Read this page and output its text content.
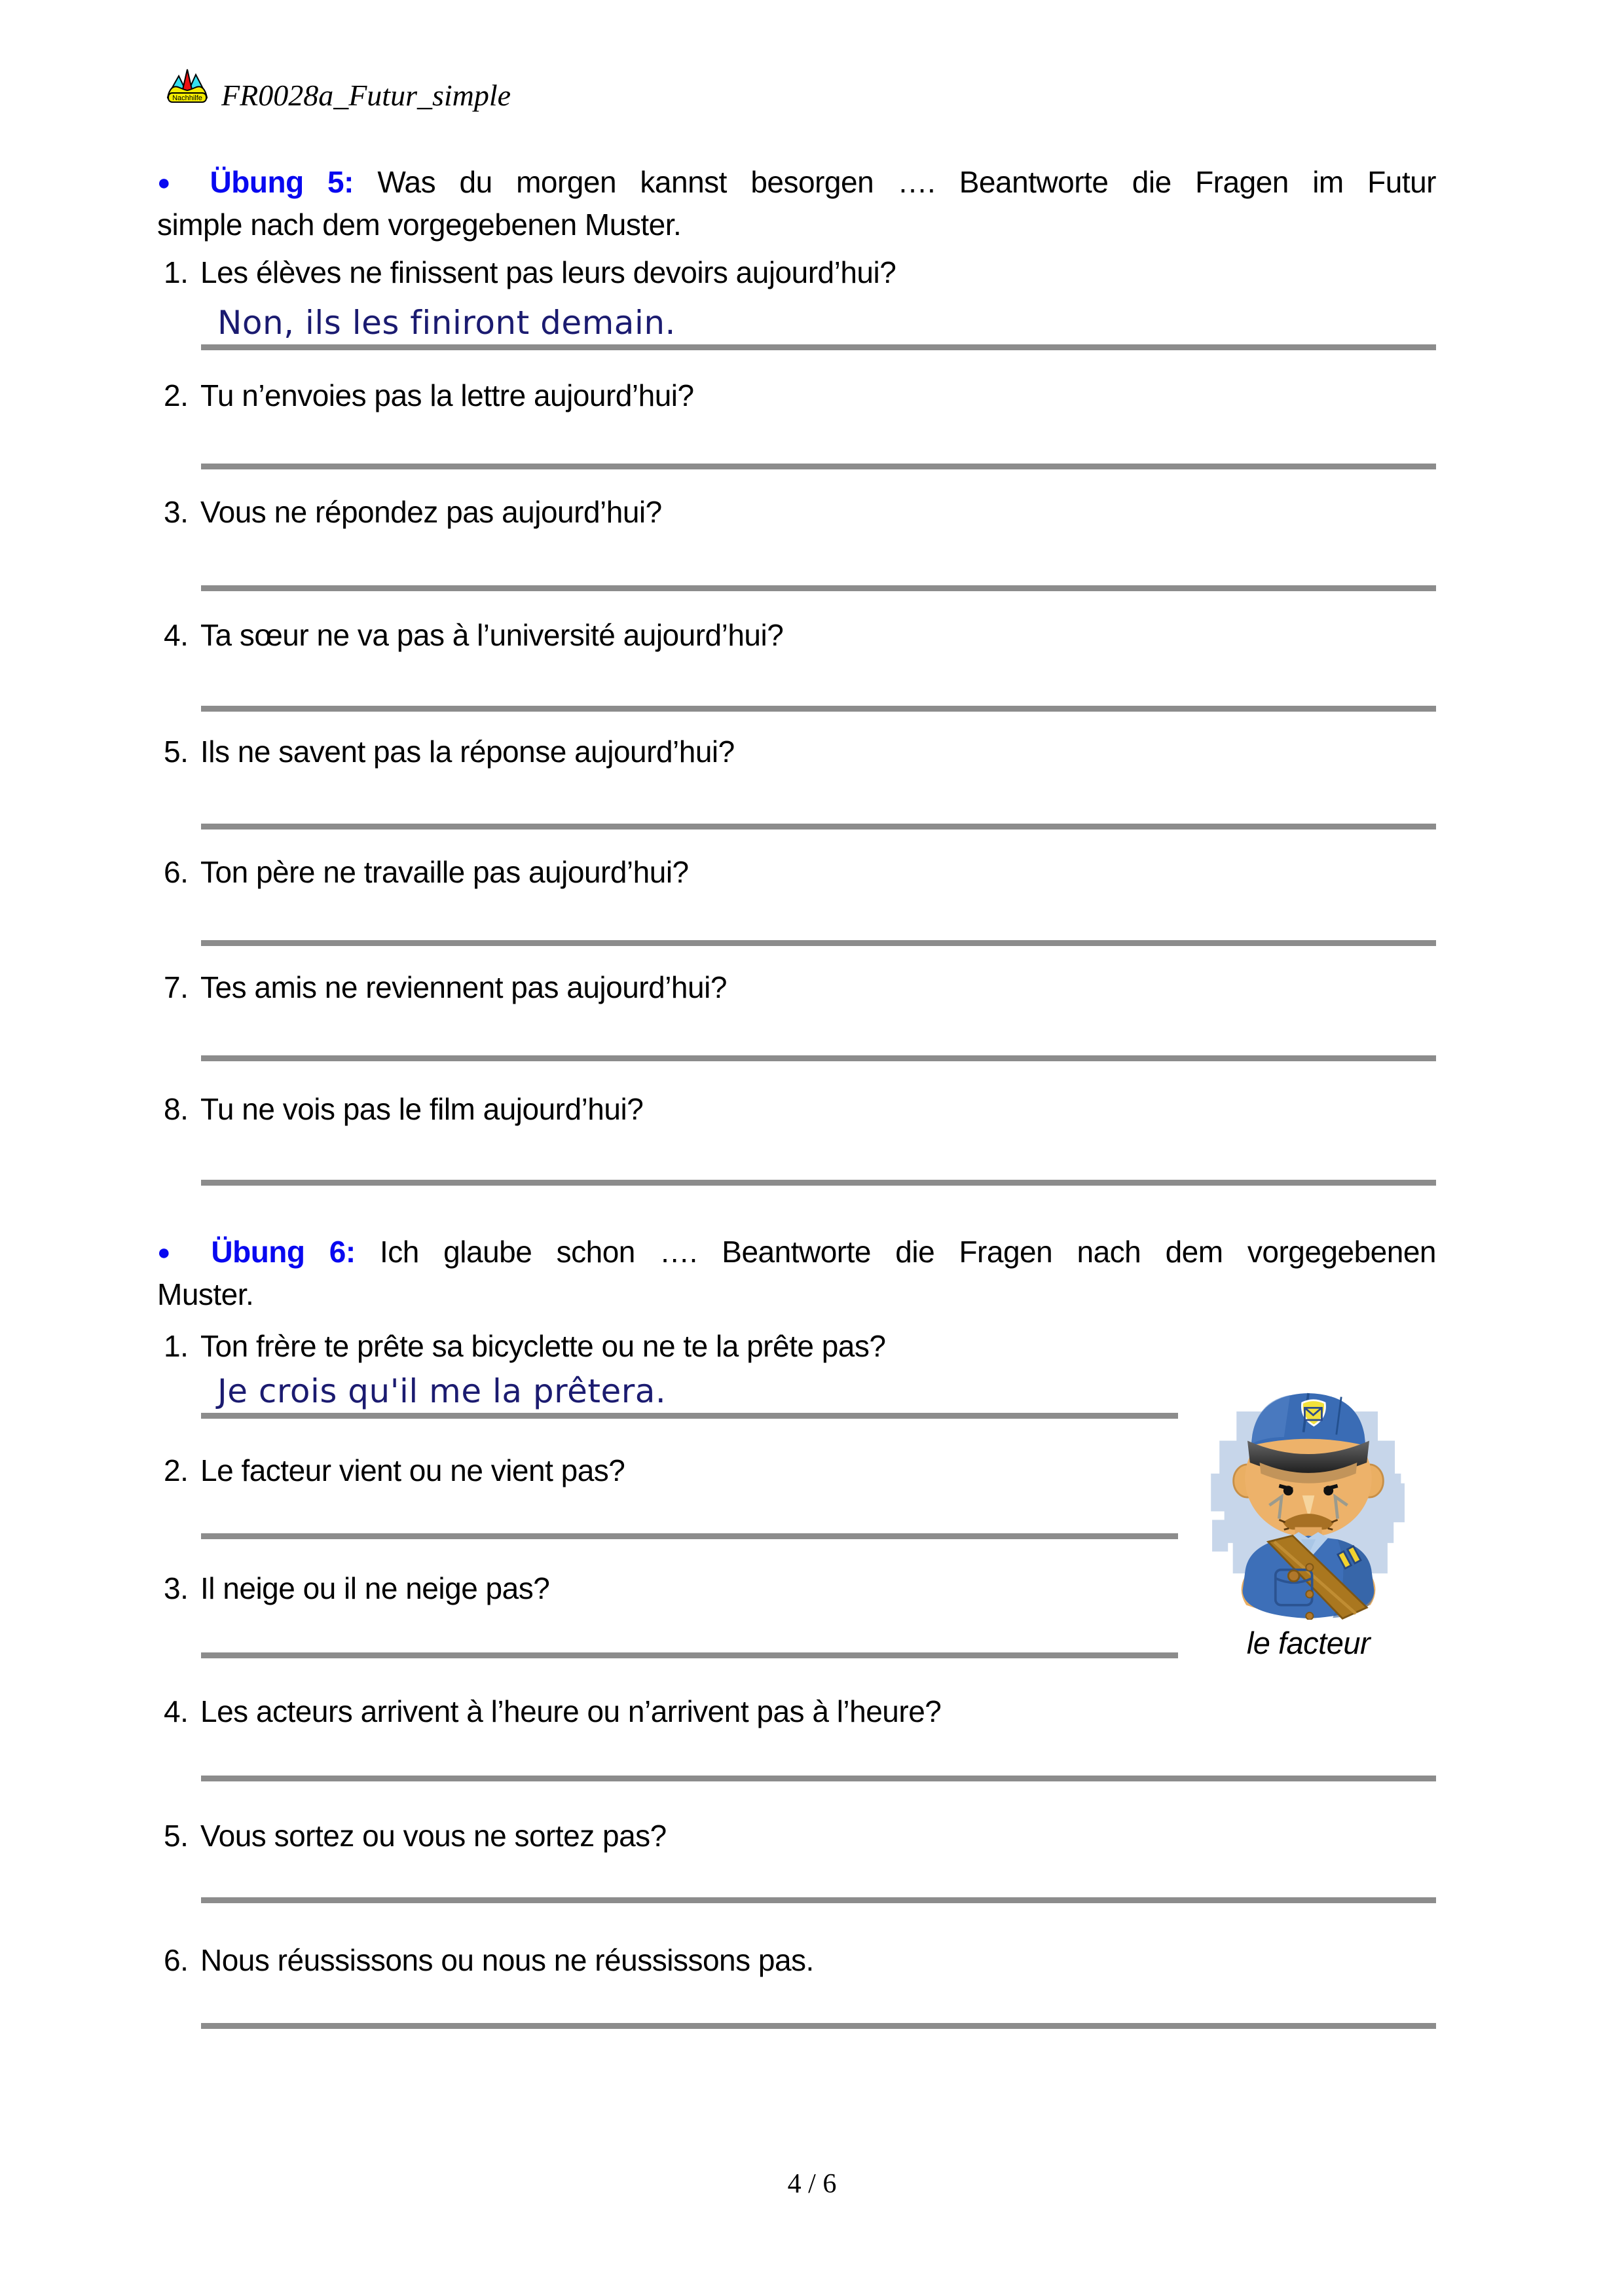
Nachhilfe FR0028a_Futur_simple
● Übung 5: Was du morgen kannst besorgen …. Beantworte die Fragen im Futur
simple nach dem vorgegebenen Muster.
1. Les élèves ne finissent pas leurs devoirs aujourd’hui?
Non, ils les finiront demain.
2. Tu n’envoies pas la lettre aujourd’hui?
3. Vous ne répondez pas aujourd’hui?
4. Ta sœur ne va pas à l’université aujourd’hui?
5. Ils ne savent pas la réponse aujourd’hui?
6. Ton père ne travaille pas aujourd’hui?
7. Tes amis ne reviennent pas aujourd’hui?
8. Tu ne vois pas le film aujourd’hui?
● Übung 6: Ich glaube schon …. Beantworte die Fragen nach dem vorgegebenen
Muster.
1. Ton frère te prête sa bicyclette ou ne te la prête pas?
Je crois qu'il me la prêtera.
2. Le facteur vient ou ne vient pas?
3. Il neige ou il ne neige pas?
4. Les acteurs arrivent à l’heure ou n’arrivent pas à l’heure?
5. Vous sortez ou vous ne sortez pas?
6. Nous réussissons ou nous ne réussissons pas.
le facteur
4 / 6
